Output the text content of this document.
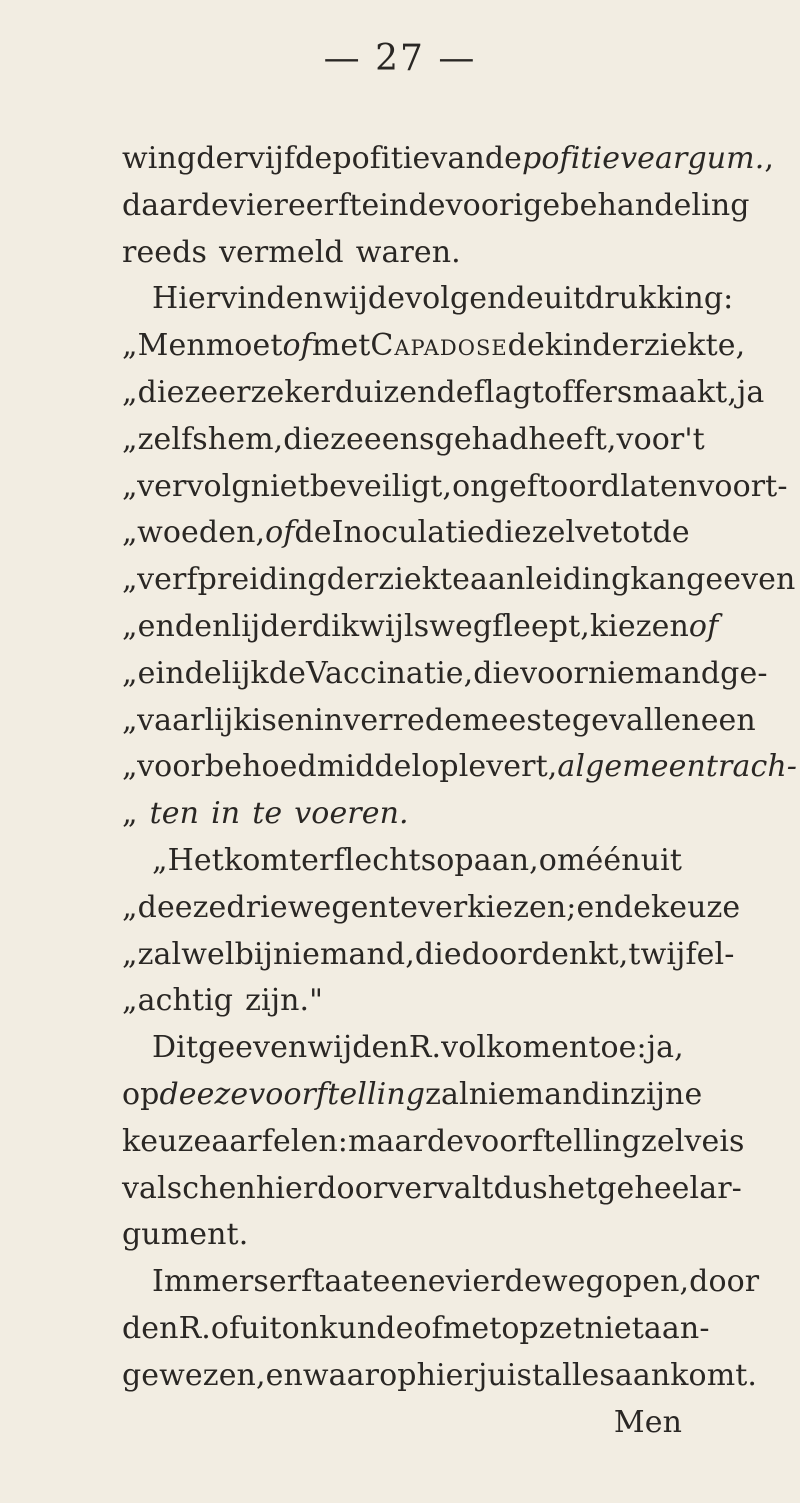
— 27 —
wing der vijfde pofitie van de pofitieve argum. ,
daar de vier eerfte in de voorige behandeling
reeds vermeld waren.
Hier vinden wij de volgende uitdrukking:
„Men moet of met Capadose de kinderziekte,
„die zeer zeker duizende flagtoffers maakt, ja
„zelfs hem, die ze eens gehad heeft, voor 't
„vervolg niet beveiligt, ongeftoord laten voort-
„woeden, of de Inoculatie die zelve tot de
„verfpreiding der ziekte aanleiding kan geeven
„en den lijder dikwijls wegfleept, kiezen of
„eindelijk de Vaccinatie, die voor niemand ge-
„vaarlijk is en in verre de meeste gevallen een
„voorbehoedmiddel oplevert, algemeen trach-
„ ten in te voeren.
„Het komt er flechts op aan, om één uit
„deeze drie wegen te verkiezen; en de keuze
„zal wel bij niemand, die doordenkt, twijfel-
„achtig zijn."
Dit geeven wij den R. volkomen toe: ja,
op deeze voorftelling zal niemand in zijne
keuze aarfelen: maar de voorftelling zelve is
valsch en hierdoor vervalt dus het geheel ar-
gument.
Immers er ftaat eene vierde weg open, door
den R. of uit onkunde of met opzet niet aan-
gewezen, en waarop hier juist alles aankomt.
Men
